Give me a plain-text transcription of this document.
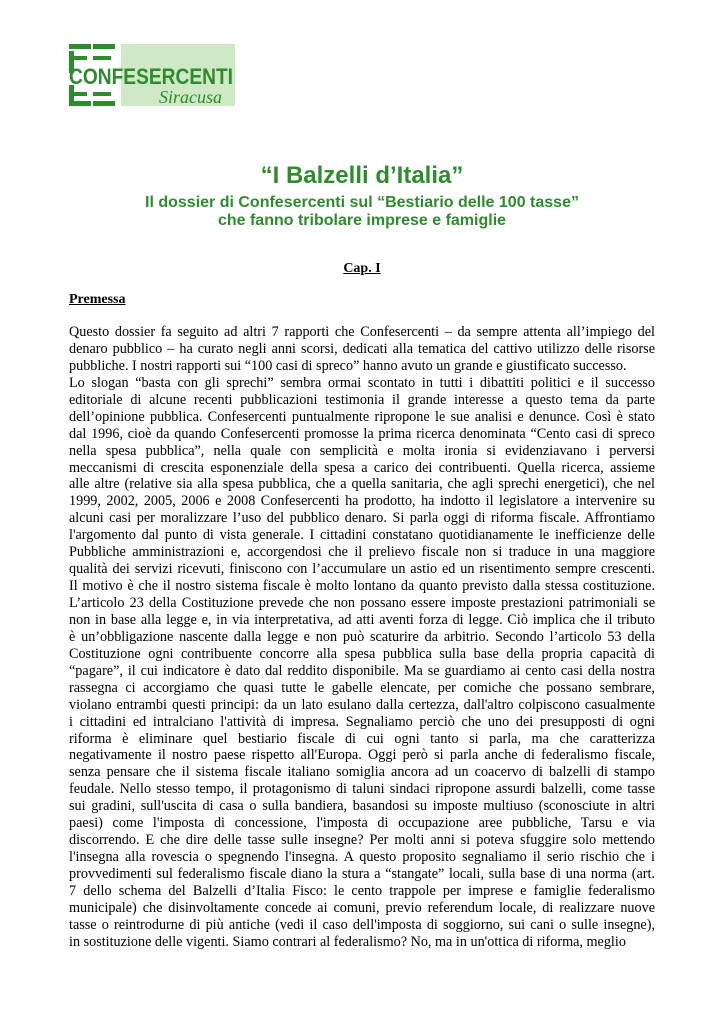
CONFESERCENTI
Siracusa
“I Balzelli d’Italia”
Il dossier di Confesercenti sul “Bestiario delle 100 tasse”
che fanno tribolare imprese e famiglie
Cap. I
Premessa
Questo dossier fa seguito ad altri 7 rapporti che Confesercenti – da sempre attenta all’impiego del
denaro pubblico – ha curato negli anni scorsi, dedicati alla tematica del cattivo utilizzo delle risorse
pubbliche. I nostri rapporti sui “100 casi di spreco” hanno avuto un grande e giustificato successo.
Lo slogan “basta con gli sprechi” sembra ormai scontato in tutti i dibattiti politici e il successo
editoriale di alcune recenti pubblicazioni testimonia il grande interesse a questo tema da parte
dell’opinione pubblica. Confesercenti puntualmente ripropone le sue analisi e denunce. Così è stato
dal 1996, cioè da quando Confesercenti promosse la prima ricerca denominata “Cento casi di spreco
nella spesa pubblica”, nella quale con semplicità e molta ironia si evidenziavano i perversi
meccanismi di crescita esponenziale della spesa a carico dei contribuenti. Quella ricerca, assieme
alle altre (relative sia alla spesa pubblica, che a quella sanitaria, che agli sprechi energetici), che nel
1999, 2002, 2005, 2006 e 2008 Confesercenti ha prodotto, ha indotto il legislatore a intervenire su
alcuni casi per moralizzare l’uso del pubblico denaro. Si parla oggi di riforma fiscale. Affrontiamo
l'argomento dal punto di vista generale. I cittadini constatano quotidianamente le inefficienze delle
Pubbliche amministrazioni e, accorgendosi che il prelievo fiscale non si traduce in una maggiore
qualità dei servizi ricevuti, finiscono con l’accumulare un astio ed un risentimento sempre crescenti.
Il motivo è che il nostro sistema fiscale è molto lontano da quanto previsto dalla stessa costituzione.
L’articolo 23 della Costituzione prevede che non possano essere imposte prestazioni patrimoniali se
non in base alla legge e, in via interpretativa, ad atti aventi forza di legge. Ciò implica che il tributo
è un’obbligazione nascente dalla legge e non può scaturire da arbitrio. Secondo l’articolo 53 della
Costituzione ogni contribuente concorre alla spesa pubblica sulla base della propria capacità di
“pagare”, il cui indicatore è dato dal reddito disponibile. Ma se guardiamo ai cento casi della nostra
rassegna ci accorgiamo che quasi tutte le gabelle elencate, per comiche che possano sembrare,
violano entrambi questi principi: da un lato esulano dalla certezza, dall'altro colpiscono casualmente
i cittadini ed intralciano l'attività di impresa. Segnaliamo perciò che uno dei presupposti di ogni
riforma è eliminare quel bestiario fiscale di cui ogni tanto si parla, ma che caratterizza
negativamente il nostro paese rispetto all'Europa. Oggi però si parla anche di federalismo fiscale,
senza pensare che il sistema fiscale italiano somiglia ancora ad un coacervo di balzelli di stampo
feudale. Nello stesso tempo, il protagonismo di taluni sindaci ripropone assurdi balzelli, come tasse
sui gradini, sull'uscita di casa o sulla bandiera, basandosi su imposte multiuso (sconosciute in altri
paesi) come l'imposta di concessione, l'imposta di occupazione aree pubbliche, Tarsu e via
discorrendo. E che dire delle tasse sulle insegne? Per molti anni si poteva sfuggire solo mettendo
l'insegna alla rovescia o spegnendo l'insegna. A questo proposito segnaliamo il serio rischio che i
provvedimenti sul federalismo fiscale diano la stura a “stangate” locali, sulla base di una norma (art.
7 dello schema del Balzelli d’Italia Fisco: le cento trappole per imprese e famiglie federalismo
municipale) che disinvoltamente concede ai comuni, previo referendum locale, di realizzare nuove
tasse o reintrodurne di più antiche (vedi il caso dell'imposta di soggiorno, sui cani o sulle insegne),
in sostituzione delle vigenti. Siamo contrari al federalismo? No, ma in un'ottica di riforma, meglio
